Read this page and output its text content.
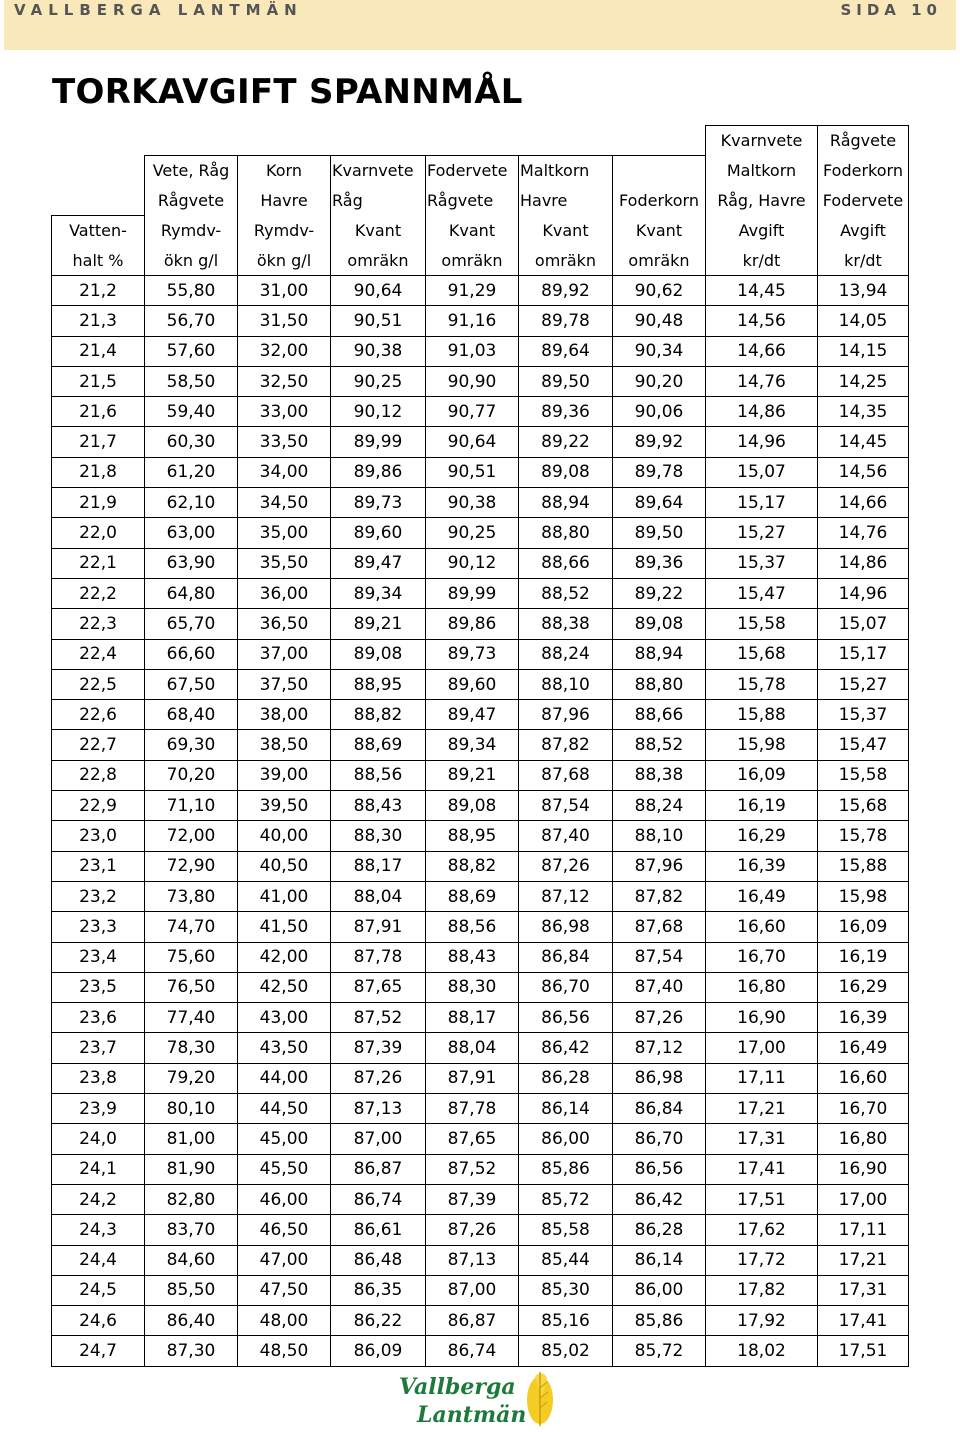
VALLBERGA LANTMÄN	SIDA 10
TORKAVGIFT SPANNMÅL
							Kvarnvete	Rågvete
	Vete, Råg	Korn	Kvarnvete	Fodervete	Maltkorn		Maltkorn	Foderkorn
	Rågvete	Havre	Råg	Rågvete	Havre	Foderkorn	Råg, Havre	Fodervete
Vatten-	Rymdv-	Rymdv-	Kvant	Kvant	Kvant	Kvant	Avgift	Avgift
halt %	ökn g/l	ökn g/l	omräkn	omräkn	omräkn	omräkn	kr/dt	kr/dt
21,2	55,80	31,00	90,64	91,29	89,92	90,62	14,45	13,94
21,3	56,70	31,50	90,51	91,16	89,78	90,48	14,56	14,05
21,4	57,60	32,00	90,38	91,03	89,64	90,34	14,66	14,15
21,5	58,50	32,50	90,25	90,90	89,50	90,20	14,76	14,25
21,6	59,40	33,00	90,12	90,77	89,36	90,06	14,86	14,35
21,7	60,30	33,50	89,99	90,64	89,22	89,92	14,96	14,45
21,8	61,20	34,00	89,86	90,51	89,08	89,78	15,07	14,56
21,9	62,10	34,50	89,73	90,38	88,94	89,64	15,17	14,66
22,0	63,00	35,00	89,60	90,25	88,80	89,50	15,27	14,76
22,1	63,90	35,50	89,47	90,12	88,66	89,36	15,37	14,86
22,2	64,80	36,00	89,34	89,99	88,52	89,22	15,47	14,96
22,3	65,70	36,50	89,21	89,86	88,38	89,08	15,58	15,07
22,4	66,60	37,00	89,08	89,73	88,24	88,94	15,68	15,17
22,5	67,50	37,50	88,95	89,60	88,10	88,80	15,78	15,27
22,6	68,40	38,00	88,82	89,47	87,96	88,66	15,88	15,37
22,7	69,30	38,50	88,69	89,34	87,82	88,52	15,98	15,47
22,8	70,20	39,00	88,56	89,21	87,68	88,38	16,09	15,58
22,9	71,10	39,50	88,43	89,08	87,54	88,24	16,19	15,68
23,0	72,00	40,00	88,30	88,95	87,40	88,10	16,29	15,78
23,1	72,90	40,50	88,17	88,82	87,26	87,96	16,39	15,88
23,2	73,80	41,00	88,04	88,69	87,12	87,82	16,49	15,98
23,3	74,70	41,50	87,91	88,56	86,98	87,68	16,60	16,09
23,4	75,60	42,00	87,78	88,43	86,84	87,54	16,70	16,19
23,5	76,50	42,50	87,65	88,30	86,70	87,40	16,80	16,29
23,6	77,40	43,00	87,52	88,17	86,56	87,26	16,90	16,39
23,7	78,30	43,50	87,39	88,04	86,42	87,12	17,00	16,49
23,8	79,20	44,00	87,26	87,91	86,28	86,98	17,11	16,60
23,9	80,10	44,50	87,13	87,78	86,14	86,84	17,21	16,70
24,0	81,00	45,00	87,00	87,65	86,00	86,70	17,31	16,80
24,1	81,90	45,50	86,87	87,52	85,86	86,56	17,41	16,90
24,2	82,80	46,00	86,74	87,39	85,72	86,42	17,51	17,00
24,3	83,70	46,50	86,61	87,26	85,58	86,28	17,62	17,11
24,4	84,60	47,00	86,48	87,13	85,44	86,14	17,72	17,21
24,5	85,50	47,50	86,35	87,00	85,30	86,00	17,82	17,31
24,6	86,40	48,00	86,22	86,87	85,16	85,86	17,92	17,41
24,7	87,30	48,50	86,09	86,74	85,02	85,72	18,02	17,51
Vallberga
Lantmän
